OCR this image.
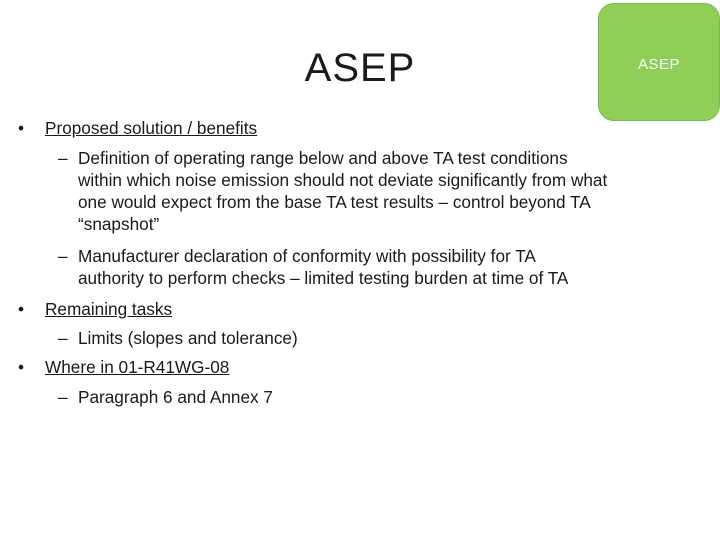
ASEP	ASEP
•	Proposed solution / benefits
– Definition of operating range below and above TA test conditions
within which noise emission should not deviate significantly from what
one would expect from the base TA test results – control beyond TA
“snapshot”
– Manufacturer declaration of conformity with possibility for TA
authority to perform checks – limited testing burden at time of TA
•	Remaining tasks
– Limits (slopes and tolerance)
•	Where in 01-R41WG-08
– Paragraph 6 and Annex 7
